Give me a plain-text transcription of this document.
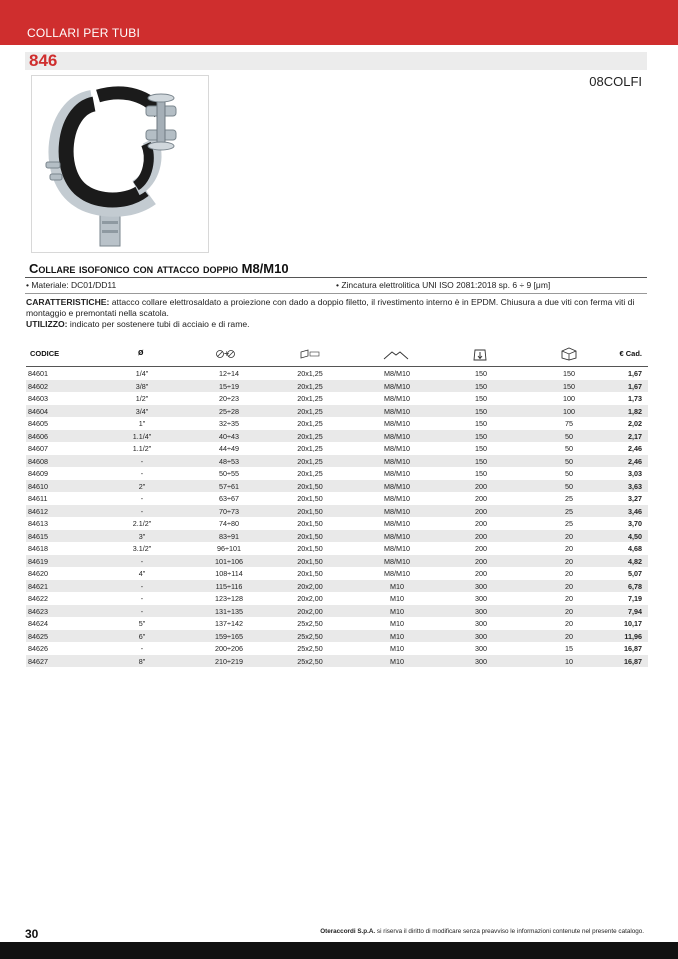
COLLARI PER TUBI
846
08COLFI
Collare isofonico con attacco doppio M8/M10
• Materiale: DC01/DD11	• Zincatura elettrolitica UNI ISO 2081:2018 sp. 6 ÷ 9 [μm]
CARATTERISTICHE: attacco collare elettrosaldato a proiezione con dado a doppio filetto, il rivestimento interno è in EPDM. Chiusura a due viti con ferma viti di montaggio e premontati nella scatola.
UTILIZZO: indicato per sostenere tubi di acciaio e di rame.
CODICE	ø	÷	€ Cad.
84601	1/4"	12÷14	20x1,25	M8/M10	150	150	1,67
84602	3/8"	15÷19	20x1,25	M8/M10	150	150	1,67
84603	1/2"	20÷23	20x1,25	M8/M10	150	100	1,73
84604	3/4"	25÷28	20x1,25	M8/M10	150	100	1,82
84605	1"	32÷35	20x1,25	M8/M10	150	75	2,02
84606	1.1/4"	40÷43	20x1,25	M8/M10	150	50	2,17
84607	1.1/2"	44÷49	20x1,25	M8/M10	150	50	2,46
84608	-	48÷53	20x1,25	M8/M10	150	50	2,46
84609	-	50÷55	20x1,25	M8/M10	150	50	3,03
84610	2"	57÷61	20x1,50	M8/M10	200	50	3,63
84611	-	63÷67	20x1,50	M8/M10	200	25	3,27
84612	-	70÷73	20x1,50	M8/M10	200	25	3,46
84613	2.1/2"	74÷80	20x1,50	M8/M10	200	25	3,70
84615	3"	83÷91	20x1,50	M8/M10	200	20	4,50
84618	3.1/2"	96÷101	20x1,50	M8/M10	200	20	4,68
84619	-	101÷106	20x1,50	M8/M10	200	20	4,82
84620	4"	108÷114	20x1,50	M8/M10	200	20	5,07
84621	-	115÷116	20x2,00	M10	300	20	6,78
84622	-	123÷128	20x2,00	M10	300	20	7,19
84623	-	131÷135	20x2,00	M10	300	20	7,94
84624	5"	137÷142	25x2,50	M10	300	20	10,17
84625	6"	159÷165	25x2,50	M10	300	20	11,96
84626	-	200÷206	25x2,50	M10	300	15	16,87
84627	8"	210÷219	25x2,50	M10	300	10	16,87
30	Oteraccordi S.p.A. si riserva il diritto di modificare senza preavviso le informazioni contenute nel presente catalogo.
